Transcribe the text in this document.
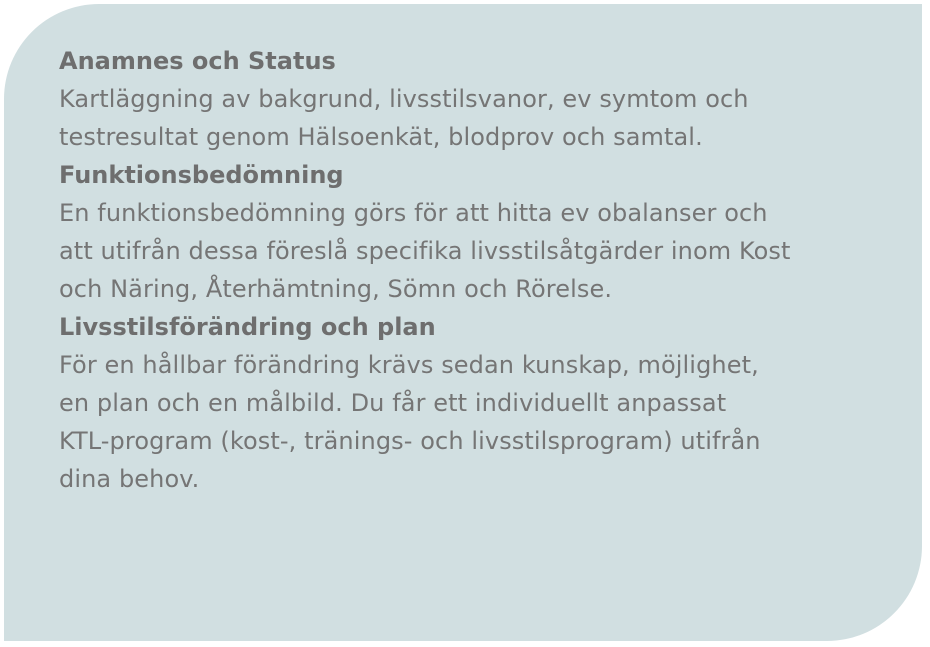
Anamnes och Status

Kartläggning av bakgrund, livsstilsvanor, ev symtom och
testresultat genom Hälsoenkät, blodprov och samtal.

Funktionsbedömning

En funktionsbedömning görs för att hitta ev obalanser och
att utifrån dessa föreslå specifika livsstilsåtgärder inom Kost
och Näring, Återhämtning, Sömn och Rörelse.

Livsstilsförändring och plan

För en hållbar förändring krävs sedan kunskap, möjlighet,
en plan och en målbild. Du får ett individuellt anpassat
KTL-program (kost-, tränings- och livsstilsprogram) utifrån
dina behov.
